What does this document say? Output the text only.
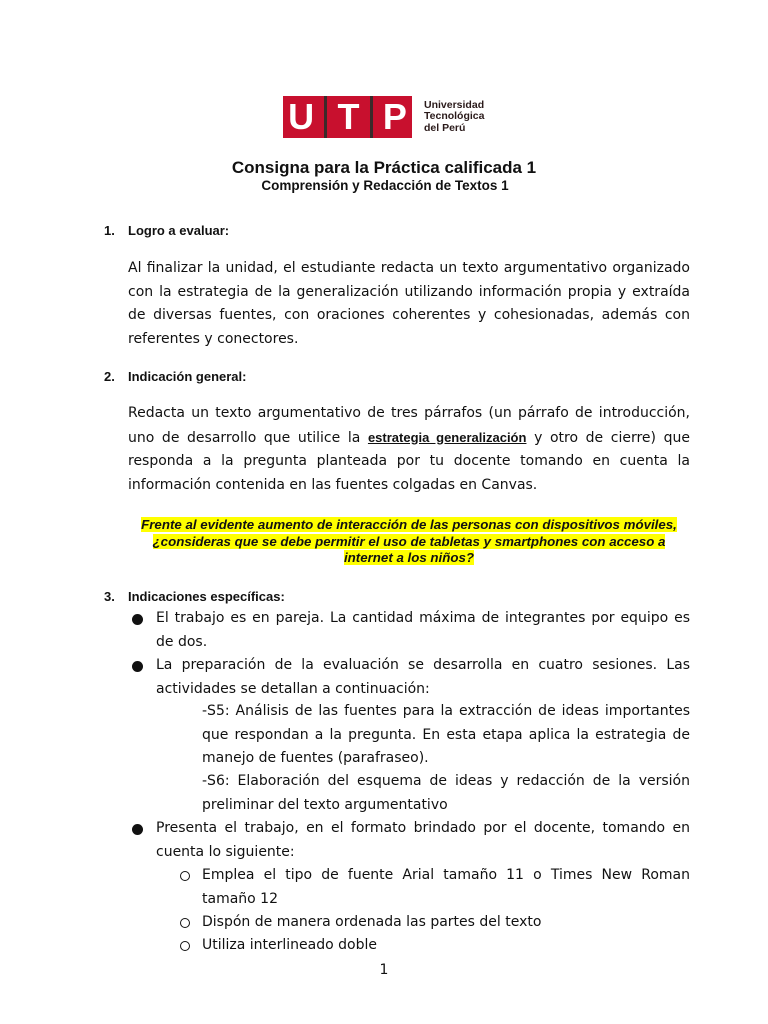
U T P Universidad
Tecnológica
del Perú
Consigna para la Práctica calificada 1
Comprensión y Redacción de Textos 1
1. Logro a evaluar:
Al finalizar la unidad, el estudiante redacta un texto argumentativo organizado con la estrategia de la generalización utilizando información propia y extraída de diversas fuentes, con oraciones coherentes y cohesionadas, además con referentes y conectores.
2. Indicación general:
Redacta un texto argumentativo de tres párrafos (un párrafo de introducción, uno de desarrollo que utilice la estrategia generalización y otro de cierre) que responda a la pregunta planteada por tu docente tomando en cuenta la información contenida en las fuentes colgadas en Canvas.
Frente al evidente aumento de interacción de las personas con dispositivos móviles, ¿consideras que se debe permitir el uso de tabletas y smartphones con acceso a internet a los niños?
3. Indicaciones específicas:
El trabajo es en pareja. La cantidad máxima de integrantes por equipo es de dos.
La preparación de la evaluación se desarrolla en cuatro sesiones. Las actividades se detallan a continuación:
-S5: Análisis de las fuentes para la extracción de ideas importantes que respondan a la pregunta. En esta etapa aplica la estrategia de manejo de fuentes (parafraseo).
-S6: Elaboración del esquema de ideas y redacción de la versión preliminar del texto argumentativo
Presenta el trabajo, en el formato brindado por el docente, tomando en cuenta lo siguiente:
Emplea el tipo de fuente Arial tamaño 11 o Times New Roman tamaño 12
Dispón de manera ordenada las partes del texto
Utiliza interlineado doble
1
